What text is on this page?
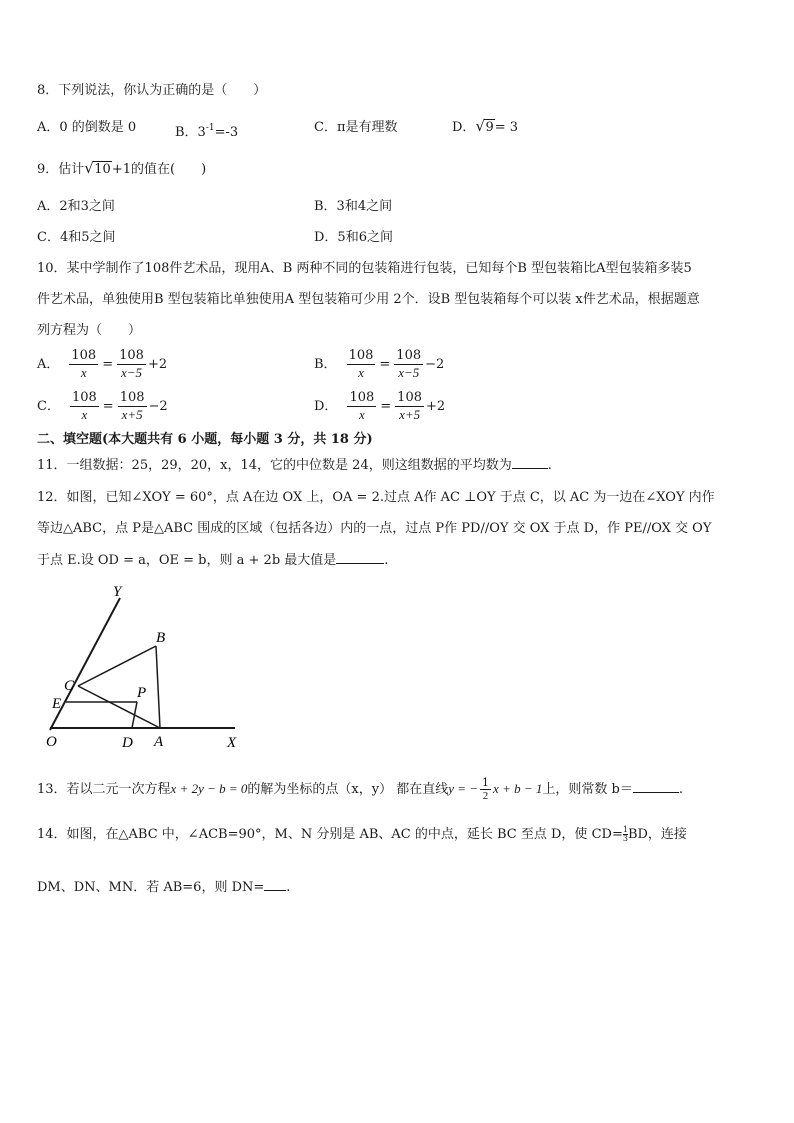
8．下列说法，你认为正确的是（　　）
A．0 的倒数是 0	B．$3^{-1}=-3$	C．π是有理数	D． √ 9= 3
9．估计 √ 10+1的值在(　　)
A．2和3之间	B．3和4之间
C．4和5之间	D．5和6之间
10．某中学制作了108件艺术品，现用A、B 两种不同的包装箱进行包装，已知每个B 型包装箱比A型包装箱多装5
件艺术品，单独使用B 型包装箱比单独使用A 型包装箱可少用 2个．设B 型包装箱每个可以装 x件艺术品，根据题意
列方程为（　　）
A． $\frac{108}{x} = \frac{108}{x-5} +2$	B． $\frac{108}{x} = \frac{108}{x-5} -2$
C． $\frac{108}{x} = \frac{108}{x+5} -2$	D． $\frac{108}{x} = \frac{108}{x+5} +2$
二、填空题(本大题共有 6 小题，每小题 3 分，共 18 分)
11．一组数据：25，29，20，x，14，它的中位数是 24，则这组数据的平均数为	.
12．如图，已知∠XOY = 60°，点 A在边 OX 上，OA = 2.过点 A作 AC ⊥OY 于点 C，以 AC 为一边在∠XOY 内作
等边△ABC，点 P是△ABC 围成的区域（包括各边）内的一点，过点 P作 PD//OY 交 OX 于点 D，作 PE//OX 交 OY
于点 E.设 OD = a，OE = b，则 a + 2b 最大值是	.
Y
B
C	P
E
O	D A	X
13．若以二元一次方程x + 2y − b = 0的解为坐标的点（x，y） 都在直线y = − $\frac{1}{2}$ x + b − 1上，则常数 b＝	.
14．如图，在△ABC 中，∠ACB=90°，M、N 分别是 AB、AC 的中点，延长 BC 至点 D，使 $CD= \frac{1}{3}$ BD，连接
DM、DN、MN．若 AB=6，则 DN= .
